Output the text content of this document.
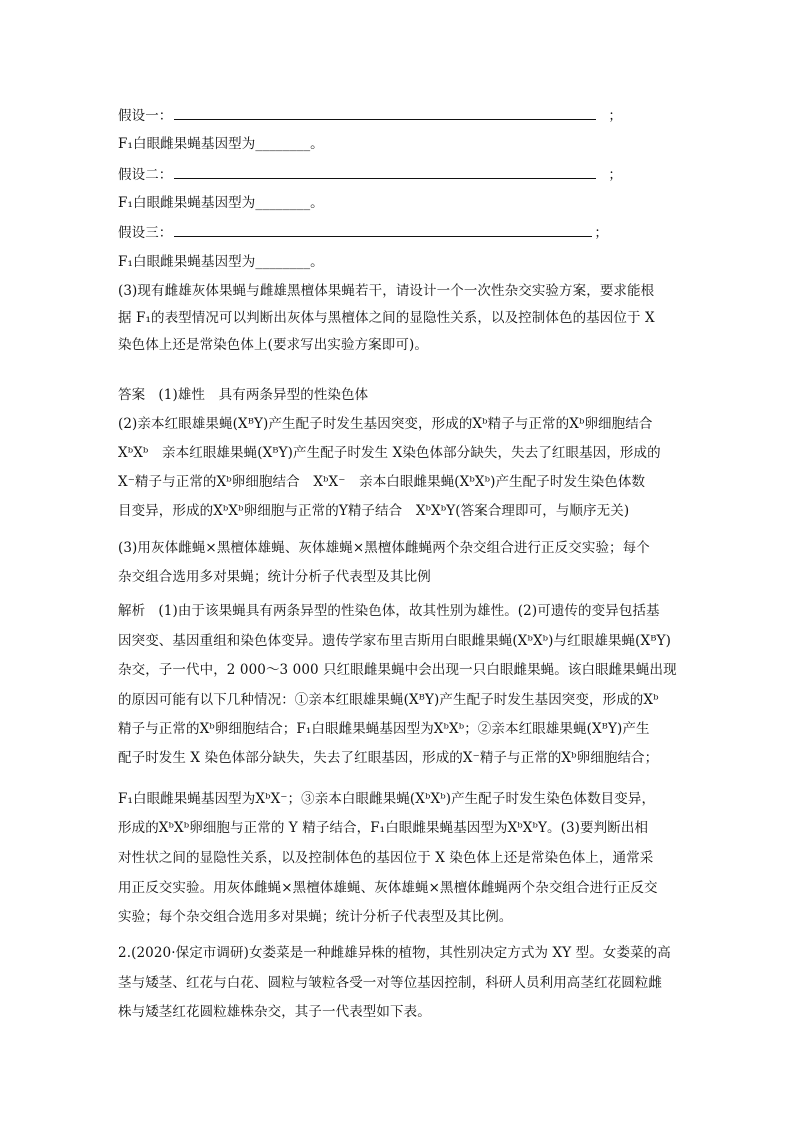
假设一：	；
F₁白眼雌果蝇基因型为________。
假设二：	；
F₁白眼雌果蝇基因型为________。
假设三：	；
F₁白眼雌果蝇基因型为________。
(3)现有雌雄灰体果蝇与雌雄黑檀体果蝇若干，请设计一个一次性杂交实验方案，要求能根
据 F₁的表型情况可以判断出灰体与黑檀体之间的显隐性关系，以及控制体色的基因位于 X
染色体上还是常染色体上(要求写出实验方案即可)。
答案 (1)雄性　具有两条异型的性染色体
(2)亲本红眼雄果蝇(XᴮY)产生配子时发生基因突变，形成的Xᵇ精子与正常的Xᵇ卵细胞结合
XᵇXᵇ　亲本红眼雄果蝇(XᴮY)产生配子时发生 X染色体部分缺失，失去了红眼基因，形成的
X⁻精子与正常的Xᵇ卵细胞结合　XᵇX⁻　亲本白眼雌果蝇(XᵇXᵇ)产生配子时发生染色体数
目变异，形成的XᵇXᵇ卵细胞与正常的Y精子结合　XᵇXᵇY(答案合理即可，与顺序无关)
(3)用灰体雌蝇×黑檀体雄蝇、灰体雄蝇×黑檀体雌蝇两个杂交组合进行正反交实验；每个
杂交组合选用多对果蝇；统计分析子代表型及其比例
解析 (1)由于该果蝇具有两条异型的性染色体，故其性别为雄性。(2)可遗传的变异包括基
因突变、基因重组和染色体变异。遗传学家布里吉斯用白眼雌果蝇(XᵇXᵇ)与红眼雄果蝇(XᴮY)
杂交，子一代中，2 000～3 000 只红眼雌果蝇中会出现一只白眼雌果蝇。该白眼雌果蝇出现
的原因可能有以下几种情况：①亲本红眼雄果蝇(XᴮY)产生配子时发生基因突变，形成的Xᵇ
精子与正常的Xᵇ卵细胞结合；F₁白眼雌果蝇基因型为XᵇXᵇ；②亲本红眼雄果蝇(XᴮY)产生
配子时发生 X 染色体部分缺失，失去了红眼基因，形成的X⁻精子与正常的Xᵇ卵细胞结合；
F₁白眼雌果蝇基因型为XᵇX⁻；③亲本白眼雌果蝇(XᵇXᵇ)产生配子时发生染色体数目变异，
形成的XᵇXᵇ卵细胞与正常的 Y 精子结合，F₁白眼雌果蝇基因型为XᵇXᵇY。(3)要判断出相
对性状之间的显隐性关系，以及控制体色的基因位于 X 染色体上还是常染色体上，通常采
用正反交实验。用灰体雌蝇×黑檀体雄蝇、灰体雄蝇×黑檀体雌蝇两个杂交组合进行正反交
实验；每个杂交组合选用多对果蝇；统计分析子代表型及其比例。
2.(2020·保定市调研)女娄菜是一种雌雄异株的植物，其性别决定方式为 XY 型。女娄菜的高
茎与矮茎、红花与白花、圆粒与皱粒各受一对等位基因控制，科研人员利用高茎红花圆粒雌
株与矮茎红花圆粒雄株杂交，其子一代表型如下表。
